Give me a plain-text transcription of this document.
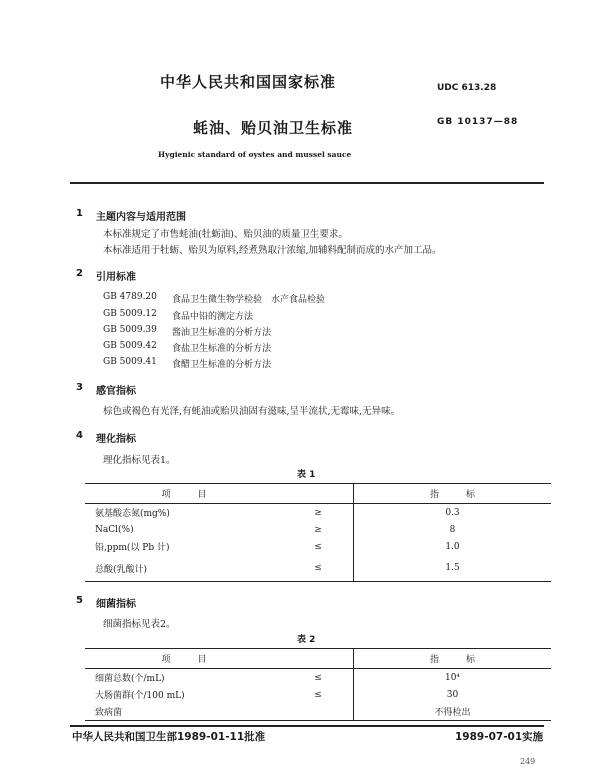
中华人民共和国国家标准	UDC 613.28
蚝油、贻贝油卫生标准	GB 10137—88
Hygienic standard of oystes and mussel sauce
1 主题内容与适用范围
本标准规定了市售蚝油(牡蛎油)、贻贝油的质量卫生要求。
本标准适用于牡蛎、贻贝为原料,经煮熟取汁浓缩,加辅料配制而成的水产加工品。
2 引用标准
GB 4789.20 食品卫生微生物学检验　水产食品检验
GB 5009.12 食品中铅的测定方法
GB 5009.39 酱油卫生标准的分析方法
GB 5009.42 食盐卫生标准的分析方法
GB 5009.41 食醋卫生标准的分析方法
3 感官指标
棕色或褐色有光泽,有蚝油或贻贝油固有滋味,呈半流状,无霉味,无异味。
4 理化指标
理化指标见表1。
表 1
项　　　目		指　　　标
氨基酸态氮(mg%)	≥	0.3
NaCl(%)	≥	8
铅,ppm(以 Pb 计)	≤	1.0
总酸(乳酸计)	≤	1.5
5 细菌指标
细菌指标见表2。
表 2
项　　　目		指　　　标
细菌总数(个/mL)	≤	10⁴
大肠菌群(个/100 mL)	≤	30
致病菌		不得检出
中华人民共和国卫生部1989-01-11批准	1989-07-01实施
249
